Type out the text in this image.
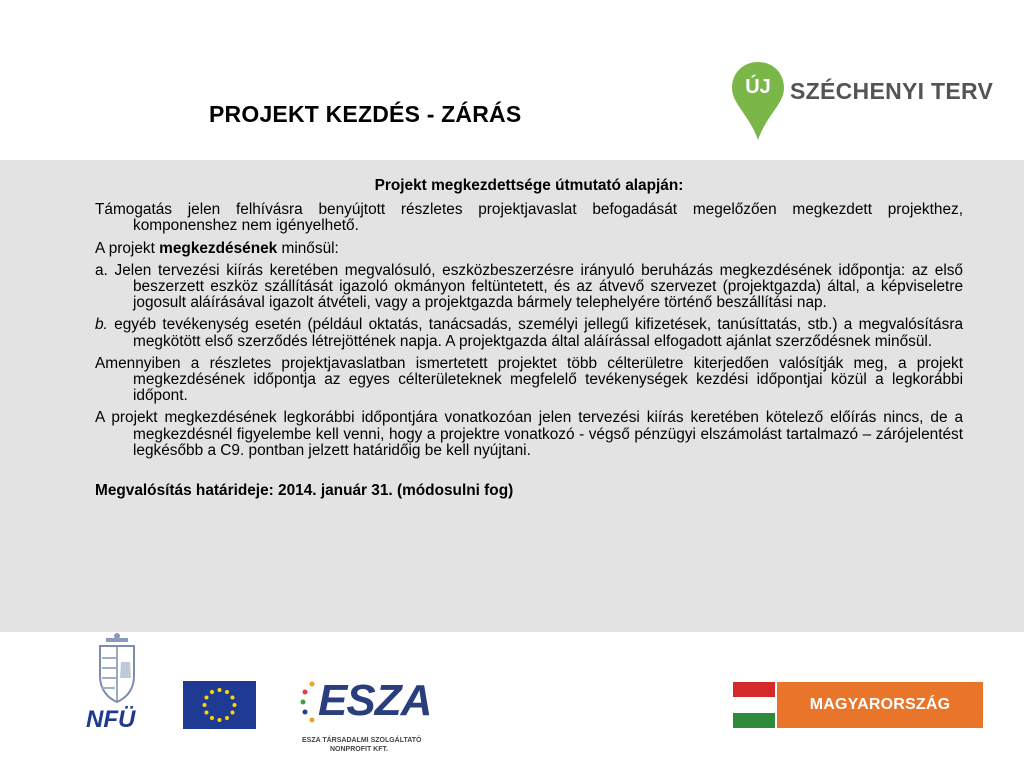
PROJEKT KEZDÉS - ZÁRÁS
ÚJ SZÉCHENYI TERV

Projekt megkezdettsége útmutató alapján:

Támogatás jelen felhívásra benyújtott részletes projektjavaslat befogadását megelőzően megkezdett projekthez, komponenshez nem igényelhető.

A projekt megkezdésének minősül:

a. Jelen tervezési kiírás keretében megvalósuló, eszközbeszerzésre irányuló beruházás megkezdésének időpontja: az első beszerzett eszköz szállítását igazoló okmányon feltüntetett, és az átvevő szervezet (projektgazda) által, a képviseletre jogosult aláírásával igazolt átvételi, vagy a projektgazda bármely telephelyére történő beszállítási nap.

b. egyéb tevékenység esetén (például oktatás, tanácsadás, személyi jellegű kifizetések, tanúsíttatás, stb.) a megvalósításra megkötött első szerződés létrejöttének napja. A projektgazda által aláírással elfogadott ajánlat szerződésnek minősül.

Amennyiben a részletes projektjavaslatban ismertetett projektet több célterületre kiterjedően valósítják meg, a projekt megkezdésének időpontja az egyes célterületeknek megfelelő tevékenységek kezdési időpontjai közül a legkorábbi időpont.

A projekt megkezdésének legkorábbi időpontjára vonatkozóan jelen tervezési kiírás keretében kötelező előírás nincs, de a megkezdésnél figyelembe kell venni, hogy a projektre vonatkozó - végső pénzügyi elszámolást tartalmazó – zárójelentést legkésőbb a C9. pontban jelzett határidőig be kell nyújtani.

Megvalósítás határideje: 2014. január 31. (módosulni fog)

NFÜ	ESZA
ESZA TÁRSADALMI SZOLGÁLTATÓ
NONPROFIT KFT.
MAGYARORSZÁG MEGÚJUL
